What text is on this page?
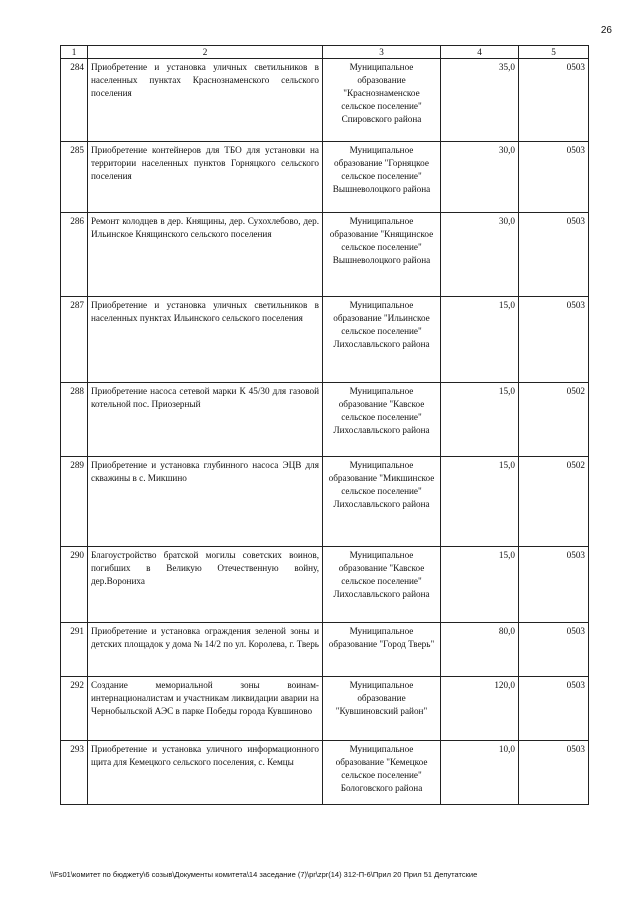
26
1	2	3	4	5
284	Приобретение и установка уличных светильников в населенных пунктах Краснознаменского сельского поселения	Муниципальное образование "Краснознаменское сельское поселение" Спировского района	35,0	0503
285	Приобретение контейнеров для ТБО для установки на территории населенных пунктов Горняцкого сельского поселения	Муниципальное образование "Горняцкое сельское поселение" Вышневолоцкого района	30,0	0503
286	Ремонт колодцев в дер. Княщины, дер. Сухохлебово, дер. Ильинское Княщинского сельского поселения	Муниципальное образование "Княщинское сельское поселение" Вышневолоцкого района	30,0	0503
287	Приобретение и установка уличных светильников в населенных пунктах Ильинского сельского поселения	Муниципальное образование "Ильинское сельское поселение" Лихославльского района	15,0	0503
288	Приобретение насоса сетевой марки К 45/30 для газовой котельной пос. Приозерный	Муниципальное образование "Кавское сельское поселение" Лихославльского района	15,0	0502
289	Приобретение и установка глубинного насоса ЭЦВ для скважины в с. Микшино	Муниципальное образование "Микшинское сельское поселение" Лихославльского района	15,0	0502
290	Благоустройство братской могилы советских воинов, погибших в Великую Отечественную войну, дер.Ворониха	Муниципальное образование "Кавское сельское поселение" Лихославльского района	15,0	0503
291	Приобретение и установка ограждения зеленой зоны и детских площадок у дома № 14/2 по ул. Королева, г. Тверь	Муниципальное образование "Город Тверь"	80,0	0503
292	Создание мемориальной зоны воинам-интернационалистам и участникам ликвидации аварии на Чернобыльской АЭС в парке Победы города Кувшиново	Муниципальное образование "Кувшиновский район"	120,0	0503
293	Приобретение и установка уличного информационного щита для Кемецкого сельского поселения, с. Кемцы	Муниципальное образование "Кемецкое сельское поселение" Бологовского района	10,0	0503
\\Fs01\комитет по бюджету\6 созыв\Документы комитета\14 заседание (7)\pr\zpr(14) 312-П-6\Прил 20 Прил 51 Депутатские
